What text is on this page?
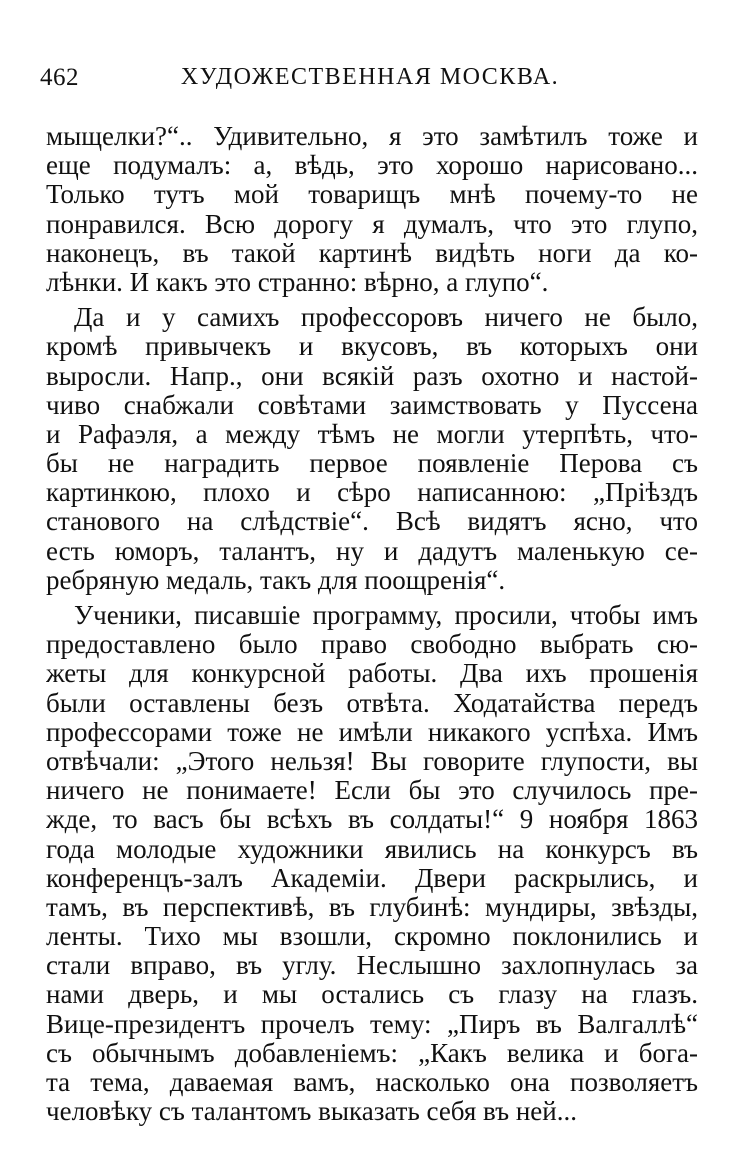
462	ХУДОЖЕСТВЕННАЯ МОСКВА.
мыщелки?“.. Удивительно, я это замѣтилъ тоже и
еще подумалъ: а, вѣдь, это хорошо нарисовано...
Только тутъ мой товарищъ мнѣ почему-то не
понравился. Всю дорогу я думалъ, что это глупо,
наконецъ, въ такой картинѣ видѣть ноги да ко-
лѣнки. И какъ это странно: вѣрно, а глупо“.
Да и у самихъ профессоровъ ничего не было,
кромѣ привычекъ и вкусовъ, въ которыхъ они
выросли. Напр., они всякій разъ охотно и настой-
чиво снабжали совѣтами заимствовать у Пуссена
и Рафаэля, а между тѣмъ не могли утерпѣть, что-
бы не наградить первое появленіе Перова съ
картинкою, плохо и сѣро написанною: „Пріѣздъ
станового на слѣдствіе“. Всѣ видятъ ясно, что
есть юморъ, талантъ, ну и дадутъ маленькую се-
ребряную медаль, такъ для поощренія“.
Ученики, писавшіе программу, просили, чтобы имъ
предоставлено было право свободно выбрать сю-
жеты для конкурсной работы. Два ихъ прошенія
были оставлены безъ отвѣта. Ходатайства передъ
профессорами тоже не имѣли никакого успѣха. Имъ
отвѣчали: „Этого нельзя! Вы говорите глупости, вы
ничего не понимаете! Если бы это случилось пре-
жде, то васъ бы всѣхъ въ солдаты!“ 9 ноября 1863
года молодые художники явились на конкурсъ въ
конференцъ-залъ Академіи. Двери раскрылись, и
тамъ, въ перспективѣ, въ глубинѣ: мундиры, звѣзды,
ленты. Тихо мы взошли, скромно поклонились и
стали вправо, въ углу. Неслышно захлопнулась за
нами дверь, и мы остались съ глазу на глазъ.
Вице-президентъ прочелъ тему: „Пиръ въ Валгаллѣ“
съ обычнымъ добавленіемъ: „Какъ велика и бога-
та тема, даваемая вамъ, насколько она позволяетъ
человѣку съ талантомъ выказать себя въ ней...
